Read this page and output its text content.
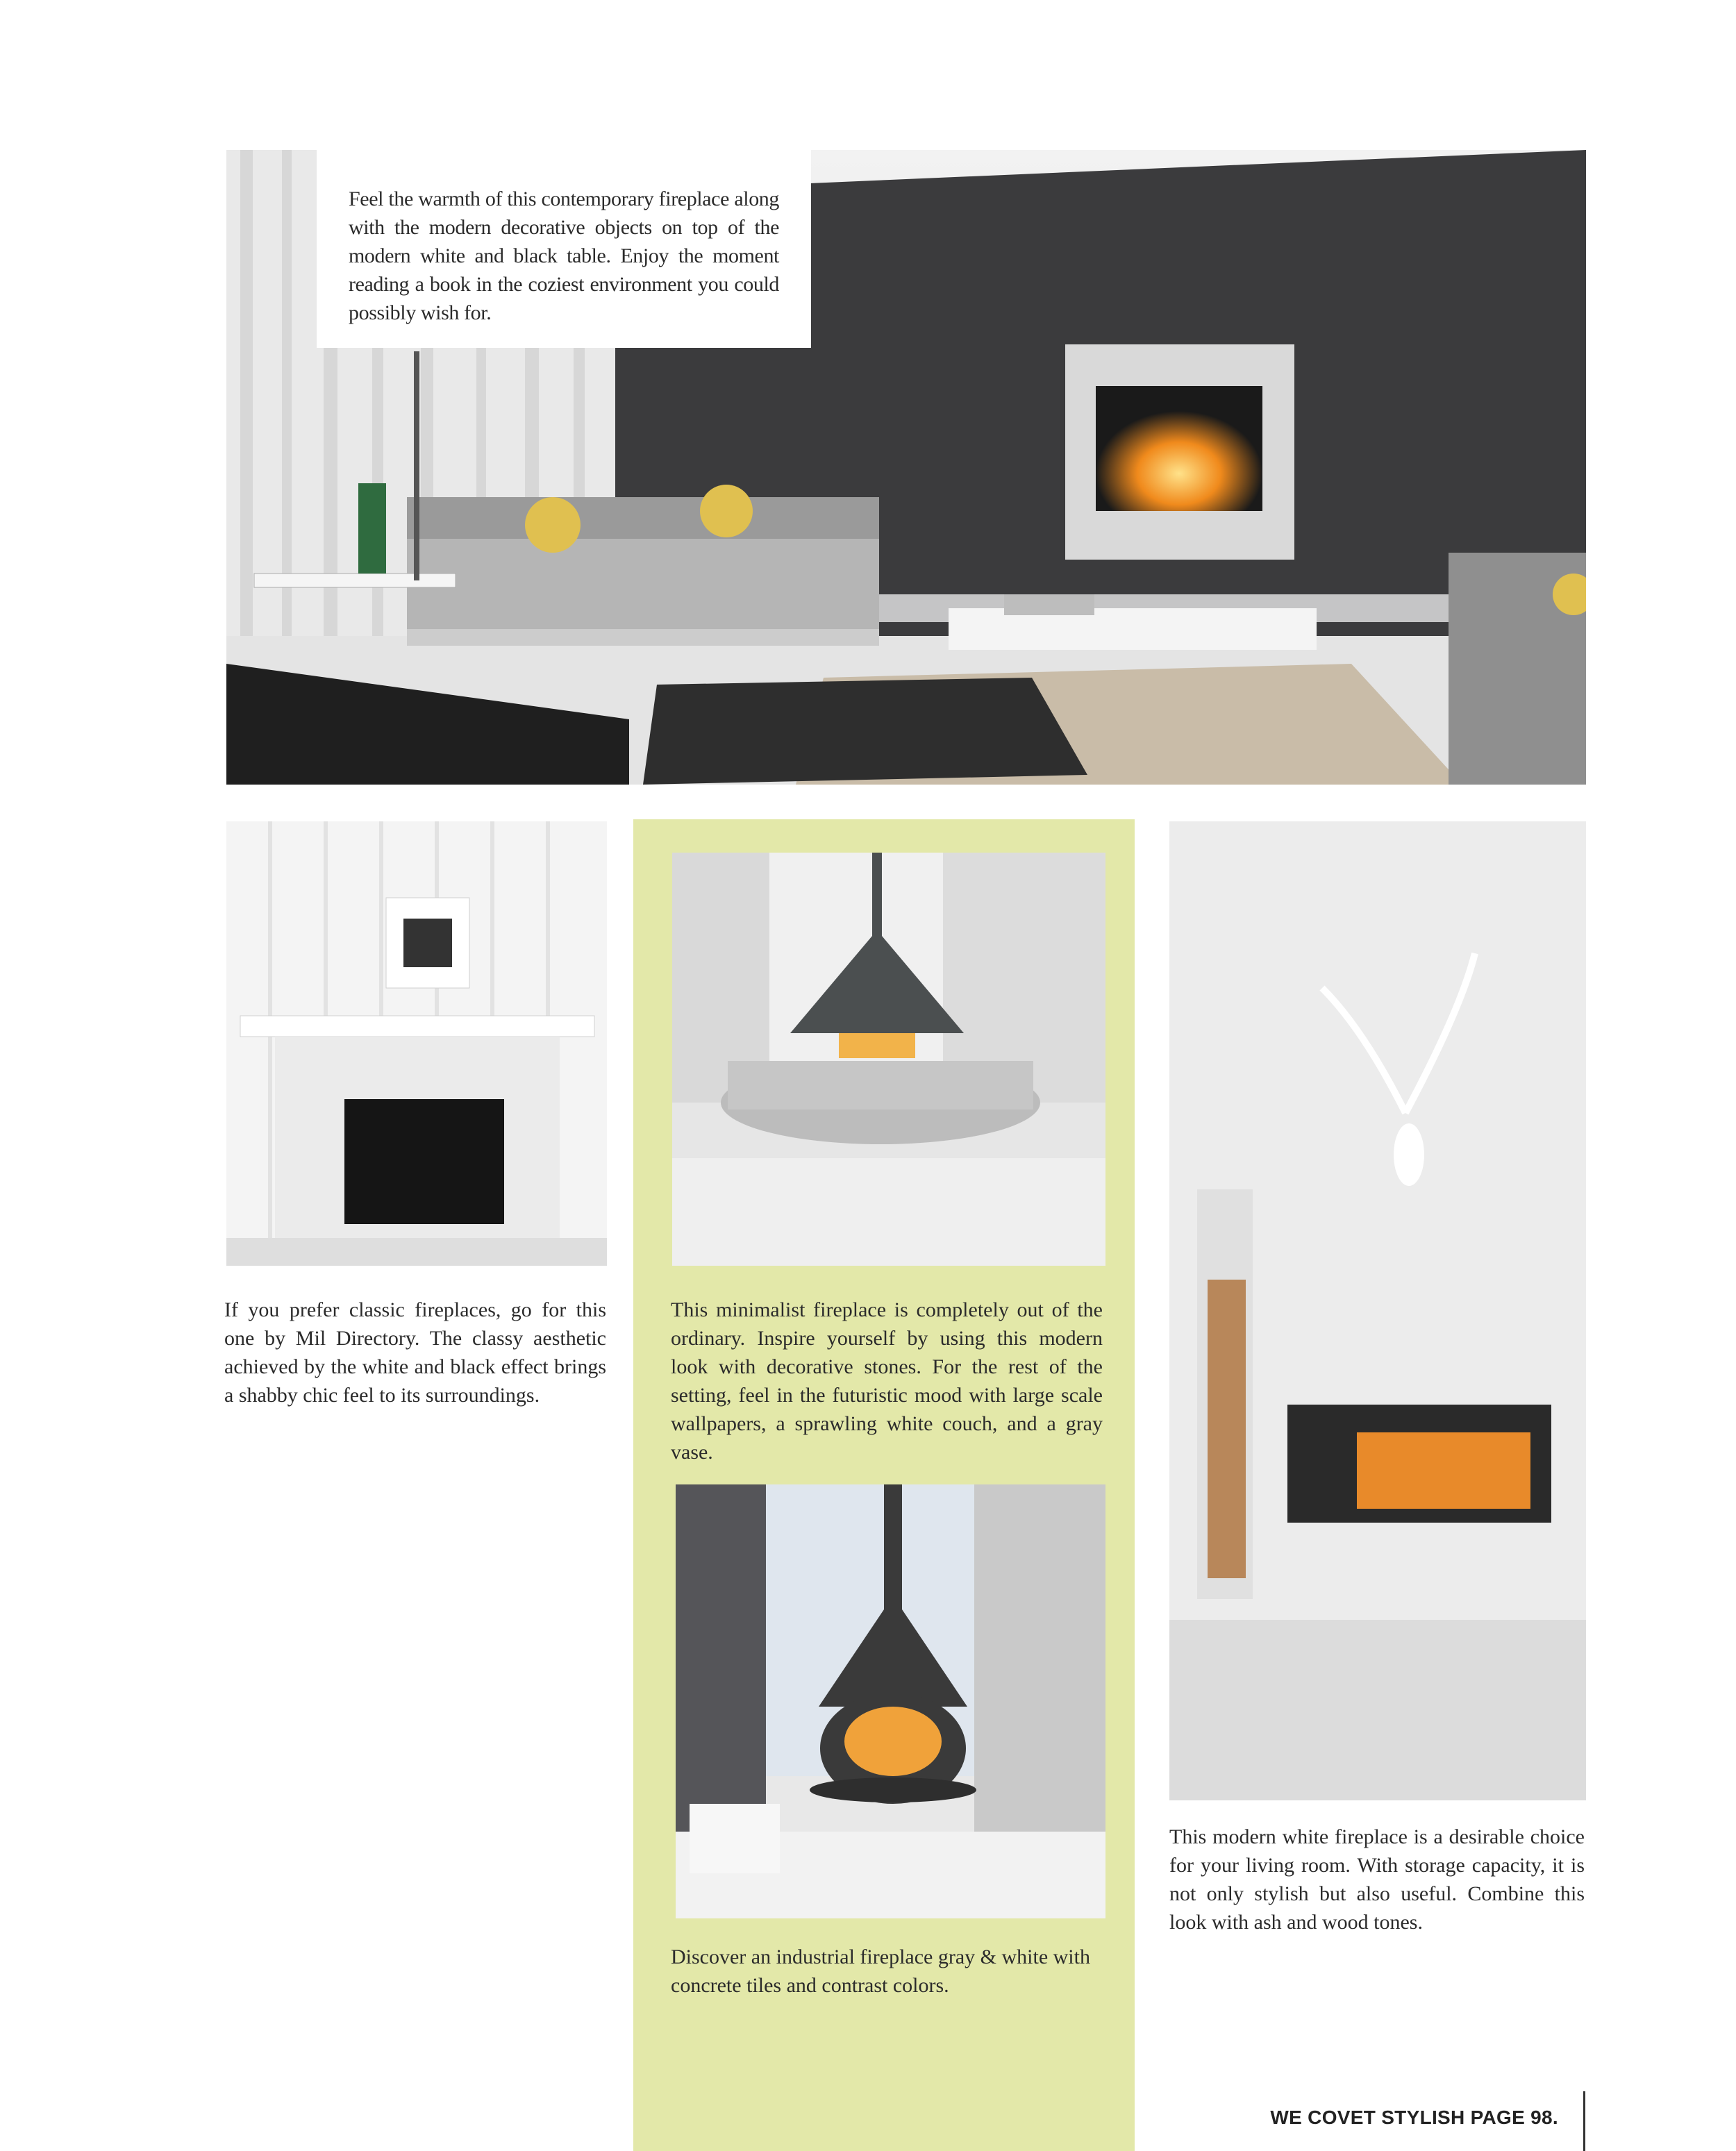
Feel the warmth of this contemporary fireplace along with the modern decorative objects on top of the modern white and black table. Enjoy the moment reading a book in the coziest environment you could possibly wish for.
If you prefer classic fireplaces, go for this one by Mil Directory. The classy aesthetic achieved by the white and black effect brings a shabby chic feel to its surroundings.
This minimalist fireplace is completely out of the ordinary. Inspire yourself by using this modern look with decorative stones. For the rest of the setting, feel in the futuristic mood with large scale wallpapers, a sprawling white couch, and a gray vase.
Discover an industrial fireplace gray & white with concrete tiles and contrast colors.
This modern white fireplace is a desirable choice for your living room. With storage capacity, it is not only stylish but also useful. Combine this look with ash and wood tones.
WE COVET STYLISH PAGE 98.
